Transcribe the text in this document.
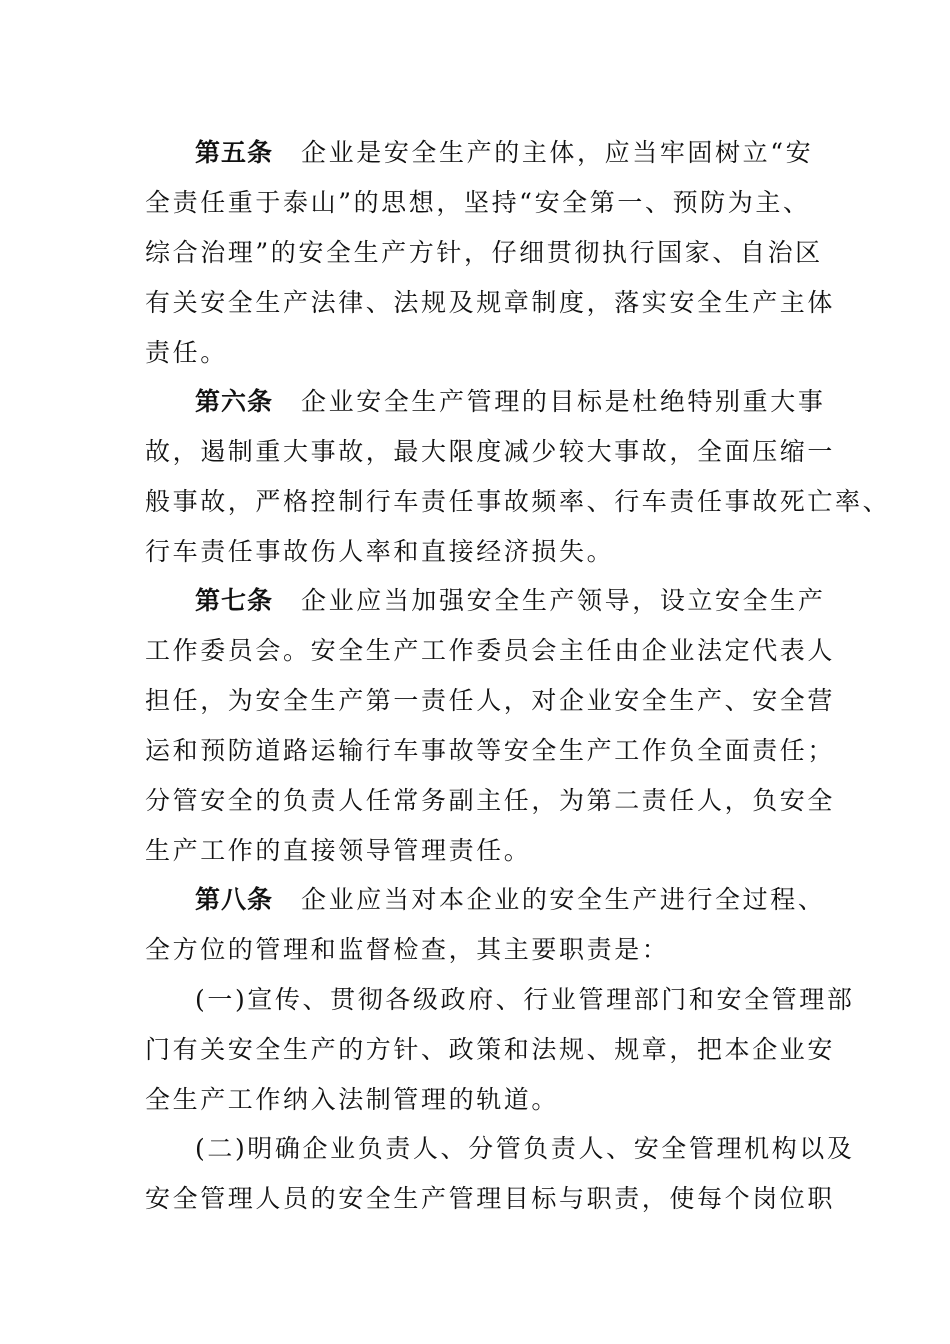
第五条 企业是安全生产的主体，应当牢固树立“安
全责任重于泰山”的思想，坚持“安全第一、预防为主、
综合治理”的安全生产方针，仔细贯彻执行国家、自治区
有关安全生产法律、法规及规章制度，落实安全生产主体
责任。
第六条 企业安全生产管理的目标是杜绝特别重大事
故，遏制重大事故，最大限度减少较大事故，全面压缩一
般事故，严格控制行车责任事故频率、行车责任事故死亡率、
行车责任事故伤人率和直接经济损失。
第七条 企业应当加强安全生产领导，设立安全生产
工作委员会。安全生产工作委员会主任由企业法定代表人
担任，为安全生产第一责任人，对企业安全生产、安全营
运和预防道路运输行车事故等安全生产工作负全面责任；
分管安全的负责人任常务副主任，为第二责任人，负安全
生产工作的直接领导管理责任。
第八条 企业应当对本企业的安全生产进行全过程、
全方位的管理和监督检查，其主要职责是：
(一)宣传、贯彻各级政府、行业管理部门和安全管理部
门有关安全生产的方针、政策和法规、规章，把本企业安
全生产工作纳入法制管理的轨道。
(二)明确企业负责人、分管负责人、安全管理机构以及
安全管理人员的安全生产管理目标与职责，使每个岗位职
